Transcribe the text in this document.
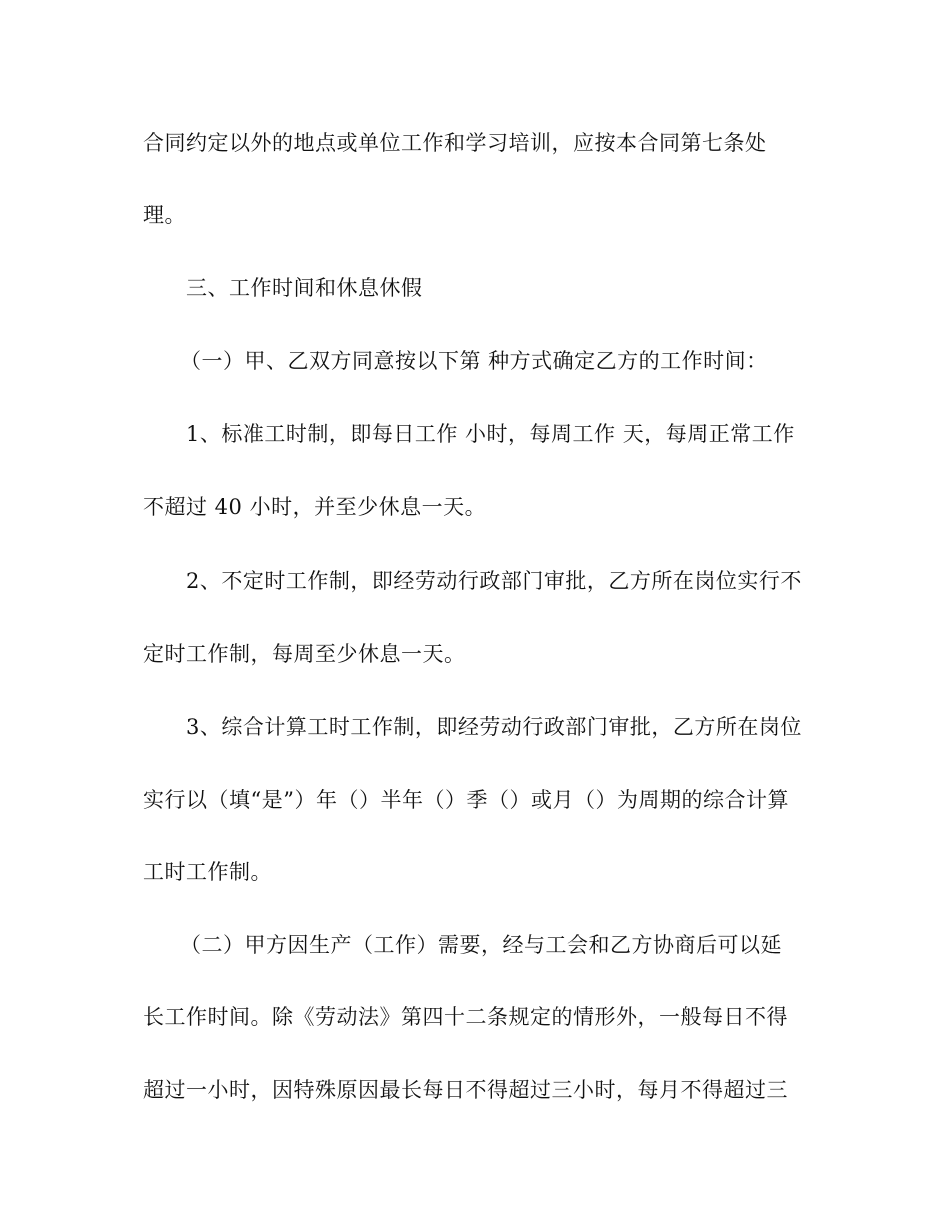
合同约定以外的地点或单位工作和学习培训，应按本合同第七条处
理。
三、工作时间和休息休假
（一）甲、乙双方同意按以下第 种方式确定乙方的工作时间：
1、标准工时制，即每日工作 小时，每周工作 天，每周正常工作
不超过 40 小时，并至少休息一天。
2、不定时工作制，即经劳动行政部门审批，乙方所在岗位实行不
定时工作制，每周至少休息一天。
3、综合计算工时工作制，即经劳动行政部门审批，乙方所在岗位
实行以（填“是”）年（）半年（）季（）或月（）为周期的综合计算
工时工作制。
（二）甲方因生产（工作）需要，经与工会和乙方协商后可以延
长工作时间。除《劳动法》第四十二条规定的情形外，一般每日不得
超过一小时，因特殊原因最长每日不得超过三小时，每月不得超过三
